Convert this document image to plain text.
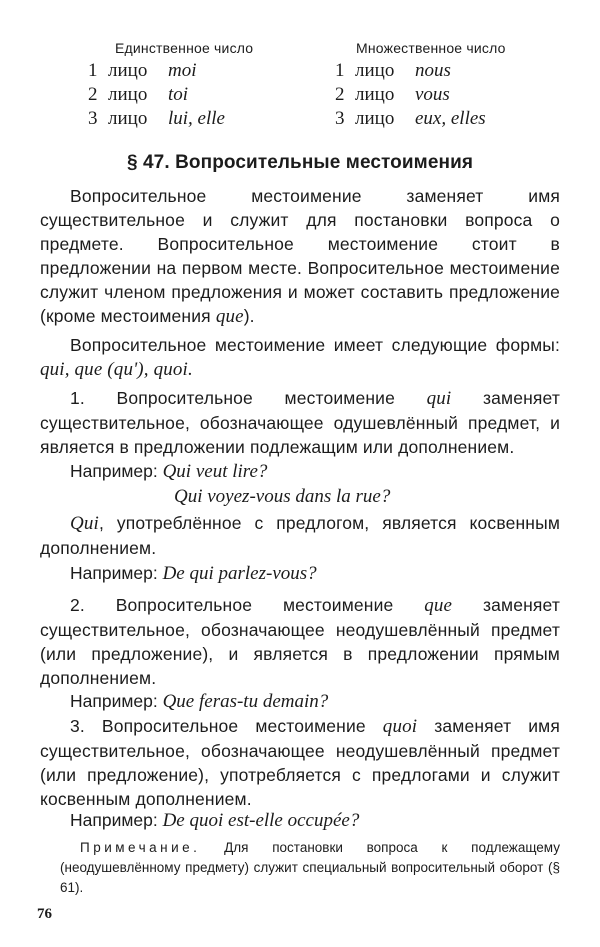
Единственное число
1 лицо moi
2 лицо toi
3 лицо lui, elle
Множественное число
1 лицо nous
2 лицо vous
3 лицо eux, elles
§ 47. Вопросительные местоимения

Вопросительное местоимение заменяет имя существительное и служит для постановки вопроса о предмете. Вопросительное местоимение стоит в предложении на первом месте. Вопросительное местоимение служит членом предложения и может составить предложение (кроме местоимения que).

Вопросительное местоимение имеет следующие формы: qui, que (qu'), quoi.

1. Вопросительное местоимение qui заменяет существительное, обозначающее одушевлённый предмет, и является в предложении подлежащим или дополнением.

Например: Qui veut lire?
Qui voyez-vous dans la rue?

Qui, употреблённое с предлогом, является косвенным дополнением.

Например: De qui parlez-vous?

2. Вопросительное местоимение que заменяет существительное, обозначающее неодушевлённый предмет (или предложение), и является в предложении прямым дополнением.

Например: Que feras-tu demain?

3. Вопросительное местоимение quoi заменяет имя существительное, обозначающее неодушевлённый предмет (или предложение), употребляется с предлогами и служит косвенным дополнением.

Например: De quoi est-elle occupée?

Примечание. Для постановки вопроса к подлежащему (неодушевлённому предмету) служит специальный вопросительный оборот (§ 61).

76
